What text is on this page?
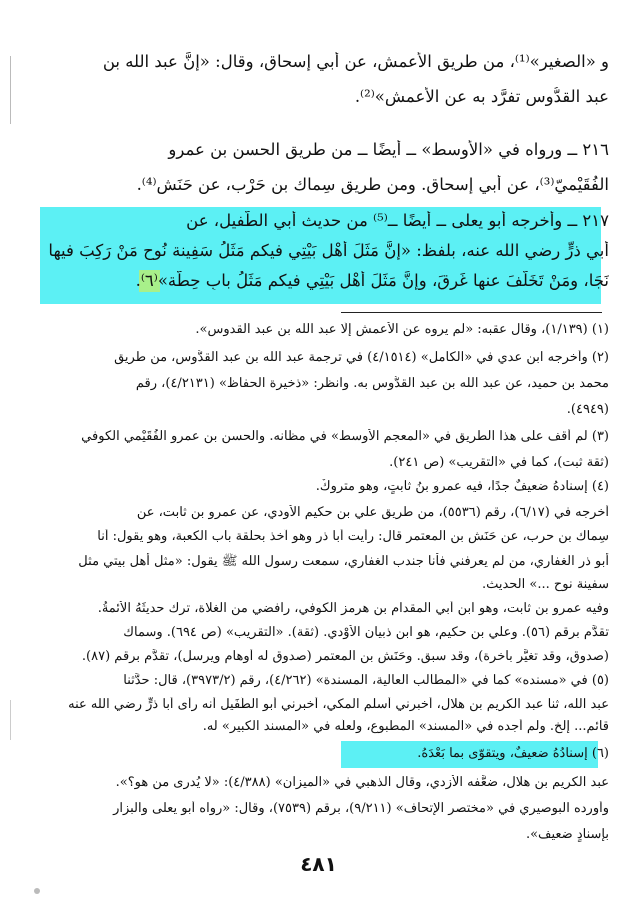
و «الصغير»⁽¹⁾، من طريق الأعمش، عن أبي إسحاق، وقال: «إنَّ عبد الله بن
عبد القدُّوس تفرَّد به عن الأعمش»⁽²⁾.
٢١٦ ــ ورواه في «الأوسط» ــ أيضًا ــ من طريق الحسن بن عمرو
الفُقَيْميّ⁽³⁾، عن أبي إسحاق. ومن طريق سِماك بن حَرْب، عن حَنَش⁽⁴⁾.
٢١٧ ــ وأخرجه أبو يعلى ــ أيضًا ــ⁽⁵⁾ من حديث أبي الطُّفيل، عن
أبي ذرٍّ رضي الله عنه، بلفظ: «إنَّ مَثَلَ أَهْلِ بَيْتِي فيكم مَثَلُ سَفِينة نُوحٍ مَنْ رَكِبَ فيها
نَجَا، ومَنْ تَخَلَّفَ عنها غَرِقَ، وإنَّ مَثَلَ أَهْلِ بَيْتِي فيكم مَثَلُ بابِ حِطَّة»⁽٦⁾.
(١) (١/١٣٩)، وقال عقبه: «لم يروه عن الأعمش إلَّا عبد الله بن عبد القدوس».
(٢) وأخرجه ابن عدي في «الكامل» (٤/١٥١٤) في ترجمة عبد الله بن عبد القدُّوس، من طريق
محمد بن حميد، عن عبد الله بن عبد القدُّوس به. وانظر: «ذخيرة الحفاظ» (٤/٢١٣١)، رقم
(٤٩٤٩).
(٣) لم أقف على هذا الطريق في «المعجم الأوسط» في مظانه. والحسن بن عمرو الفُقَيْمي الكوفي
(ثقة ثبت)، كما في «التقريب» (ص ٢٤١).
(٤) إسنادهُ ضعيفٌ جدًا، فيه عمرو بنُ ثابتٍ، وهو متروكٌ.
أخرجه في (٦/١٧)، رقم (٥٥٣٦)، من طريق علي بن حكيم الأودي، عن عمرو بن ثابت، عن
سِماك بن حرب، عن حَنَش بن المعتمر قال: رأيت أبا ذر وهو آخذ بحلقة باب الكعبة، وهو يقول: أنا
أبو ذر الغفاري، من لم يعرفني فأنا جندب الغفاري، سمعت رسول الله ﷺ يقول: «مثل أهل بيتي مثل
سفينة نوح ...» الحديث.
وفيه عمرو بن ثابت، وهو ابن أبي المقدام بن هرمز الكوفي، رافضي من الغلاة، ترك حديثَهُ الأئمةُ.
تقدَّم برقم (٥٦). وعلي بن حكيم، هو ابن ذبيان الأَوْدي. (ثقة). «التقريب» (ص ٦٩٤). وسماك
(صدوق، وقد تغيَّر بأخرة)، وقد سبق. وحَنَش بن المعتمر (صدوق له أوهام ويرسل)، تقدَّم برقم (٨٧).
(٥) في «مسنده» كما في «المطالب العالية، المسندة» (٤/٢٦٢)، رقم (٣٩٧٣/٢)، قال: حدَّثنا
عبد الله، ثنا عبد الكريم بن هلال، أخبرني أسلم المكي، أخبرني أبو الطُّفَيل أنه رأى أبا ذرٍّ رضي الله عنه
قائم... إلخ. ولم أجده في «المسند» المطبوع، ولعلَّه في «المسند الكبير» له.
(٦) إسنادُهُ ضعيفٌ، ويتقوّى بما بَعْدَهُ.
عبد الكريم بن هلال، ضعَّفه الأزدي، وقال الذهبي في «الميزان» (٤/٣٨٨): «لا يُدرى من هو؟».
وأورده البوصيري في «مختصر الإتحاف» (٩/٢١١)، برقم (٧٥٣٩)، وقال: «رواه أبو يعلى والبزار
بإسنادٍ ضعيف».
٤٨١
